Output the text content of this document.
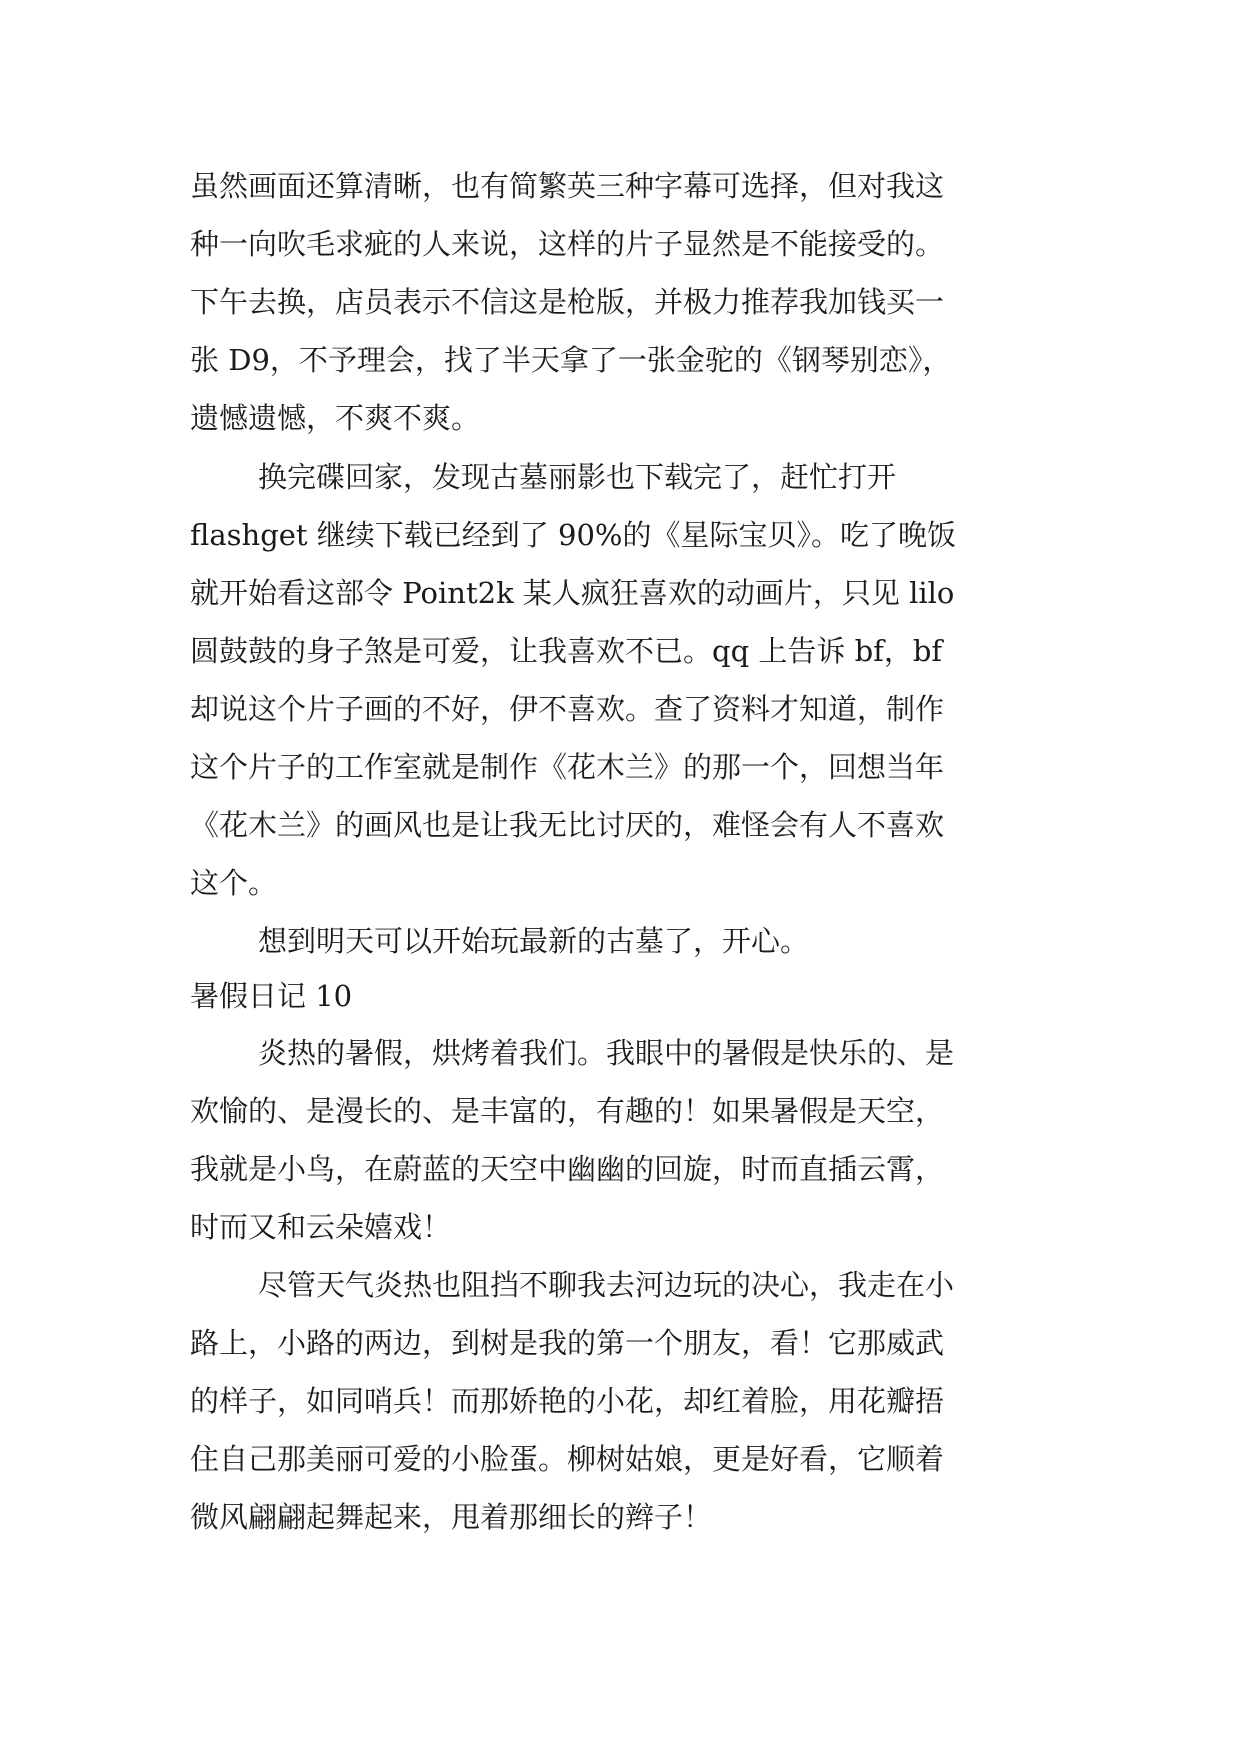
虽然画面还算清晰，也有简繁英三种字幕可选择，但对我这
种一向吹毛求疵的人来说，这样的片子显然是不能接受的。
下午去换，店员表示不信这是枪版，并极力推荐我加钱买一
张 D9，不予理会，找了半天拿了一张金驼的《钢琴别恋》，
遗憾遗憾，不爽不爽。
换完碟回家，发现古墓丽影也下载完了，赶忙打开
flashget 继续下载已经到了 90%的《星际宝贝》。吃了晚饭
就开始看这部令 Point2k 某人疯狂喜欢的动画片，只见 lilo
圆鼓鼓的身子煞是可爱，让我喜欢不已。qq 上告诉 bf，bf
却说这个片子画的不好，伊不喜欢。查了资料才知道，制作
这个片子的工作室就是制作《花木兰》的那一个，回想当年
《花木兰》的画风也是让我无比讨厌的，难怪会有人不喜欢
这个。
想到明天可以开始玩最新的古墓了，开心。
暑假日记 10
炎热的暑假，烘烤着我们。我眼中的暑假是快乐的、是
欢愉的、是漫长的、是丰富的，有趣的！如果暑假是天空，
我就是小鸟，在蔚蓝的天空中幽幽的回旋，时而直插云霄，
时而又和云朵嬉戏！
尽管天气炎热也阻挡不聊我去河边玩的决心，我走在小
路上，小路的两边，到树是我的第一个朋友，看！它那威武
的样子，如同哨兵！而那娇艳的小花，却红着脸，用花瓣捂
住自己那美丽可爱的小脸蛋。柳树姑娘，更是好看，它顺着
微风翩翩起舞起来，甩着那细长的辫子！
